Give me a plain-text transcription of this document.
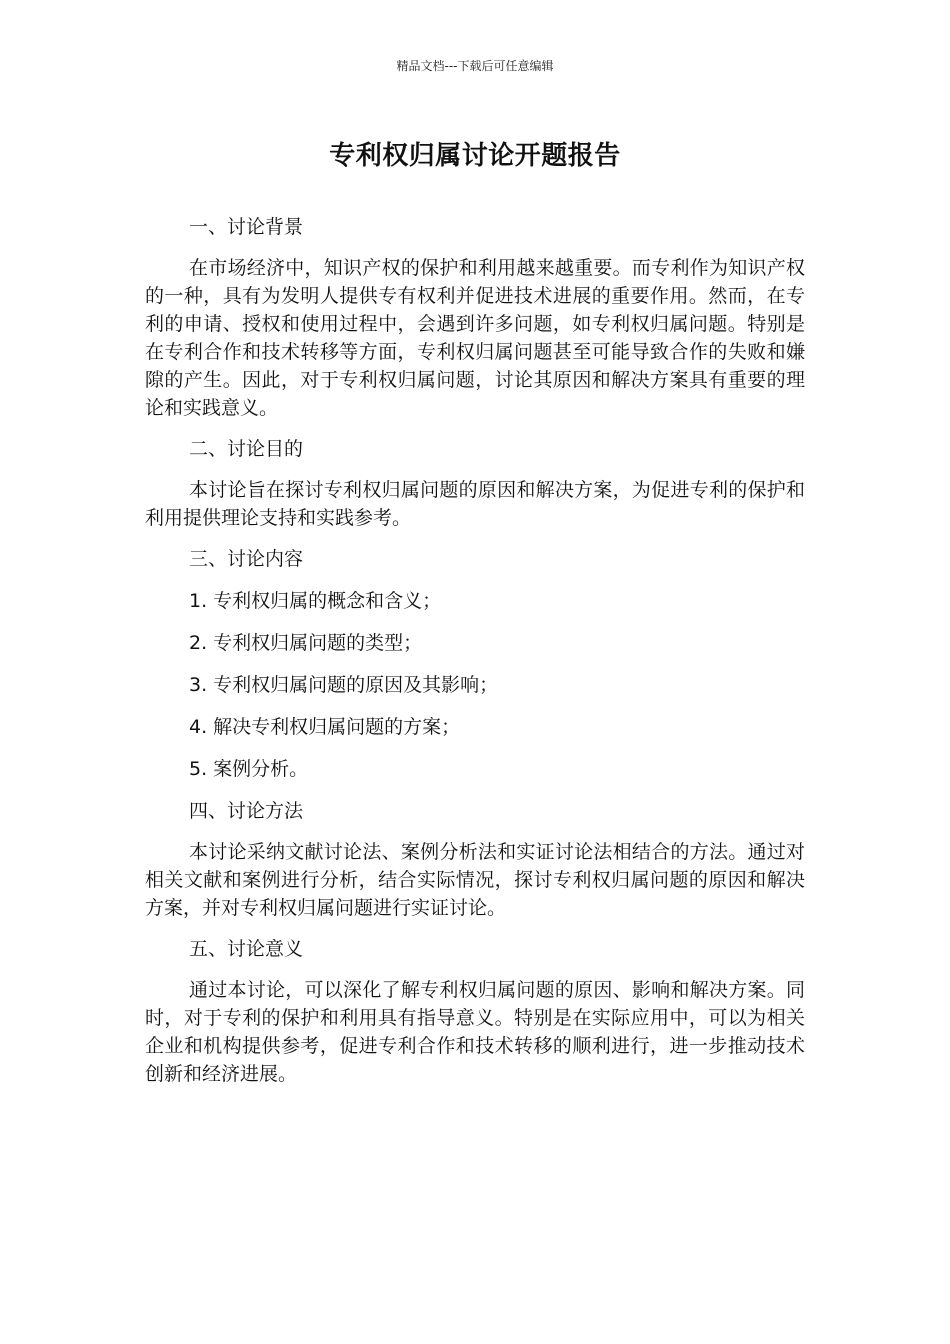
精品文档---下载后可任意编辑
专利权归属讨论开题报告
一、讨论背景
在市场经济中，知识产权的保护和利用越来越重要。而专利作为知识产权的一种，具有为发明人提供专有权利并促进技术进展的重要作用。然而，在专利的申请、授权和使用过程中，会遇到许多问题，如专利权归属问题。特别是在专利合作和技术转移等方面，专利权归属问题甚至可能导致合作的失败和嫌隙的产生。因此，对于专利权归属问题，讨论其原因和解决方案具有重要的理论和实践意义。
二、讨论目的
本讨论旨在探讨专利权归属问题的原因和解决方案，为促进专利的保护和利用提供理论支持和实践参考。
三、讨论内容
1. 专利权归属的概念和含义；
2. 专利权归属问题的类型；
3. 专利权归属问题的原因及其影响；
4. 解决专利权归属问题的方案；
5. 案例分析。
四、讨论方法
本讨论采纳文献讨论法、案例分析法和实证讨论法相结合的方法。通过对相关文献和案例进行分析，结合实际情况，探讨专利权归属问题的原因和解决方案，并对专利权归属问题进行实证讨论。
五、讨论意义
通过本讨论，可以深化了解专利权归属问题的原因、影响和解决方案。同时，对于专利的保护和利用具有指导意义。特别是在实际应用中，可以为相关企业和机构提供参考，促进专利合作和技术转移的顺利进行，进一步推动技术创新和经济进展。
